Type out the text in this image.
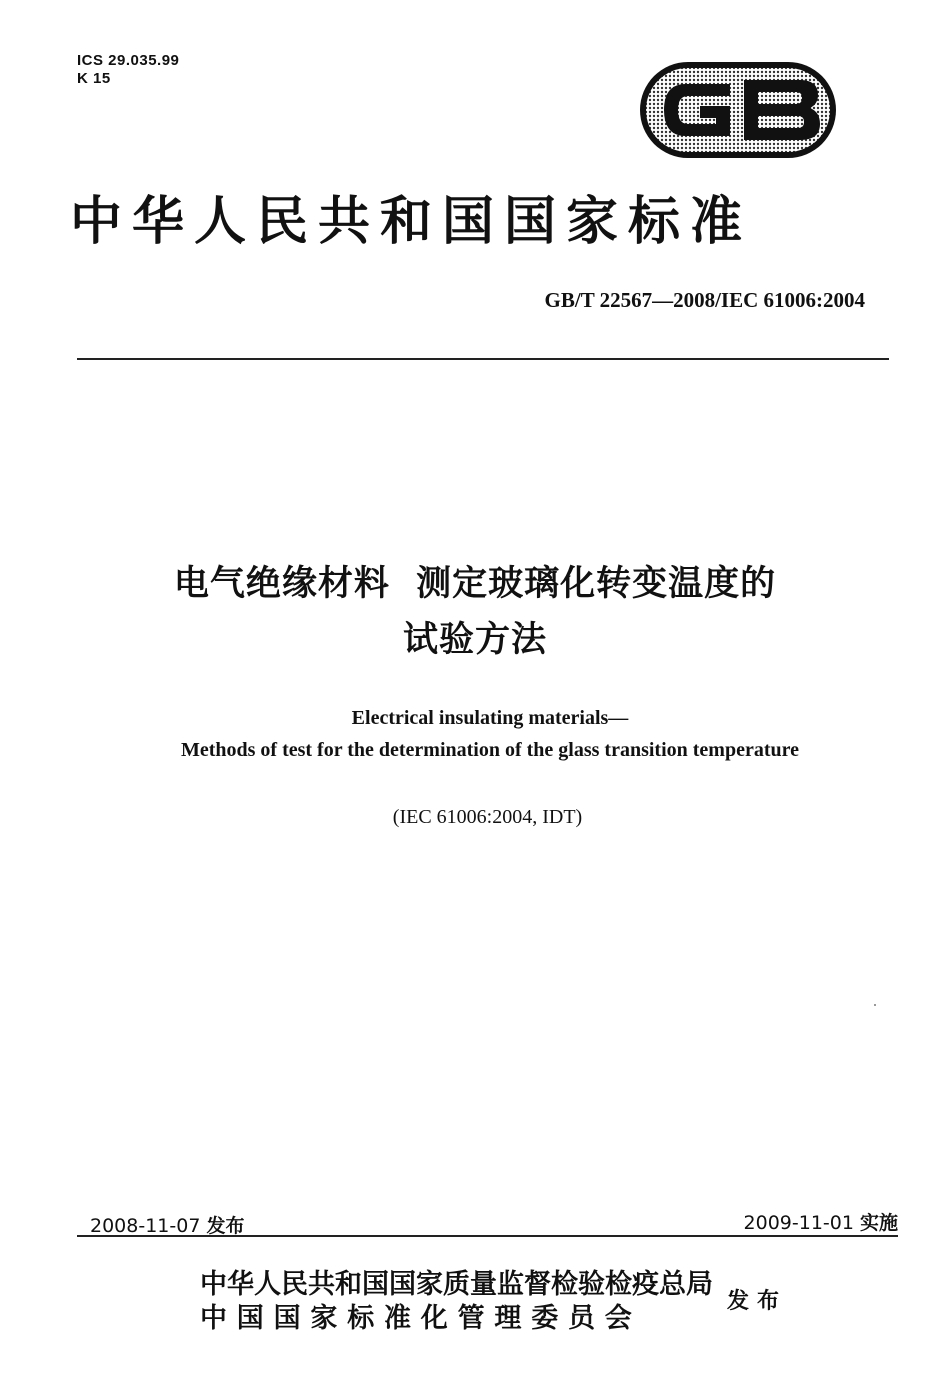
ICS 29.035.99
K 15
中华人民共和国国家标准
GB/T 22567—2008/IEC 61006:2004
电气绝缘材料  测定玻璃化转变温度的
试验方法
Electrical insulating materials—
Methods of test for the determination of the glass transition temperature
(IEC 61006:2004, IDT)
2008-11-07 发布	2009-11-01 实施
中华人民共和国国家质量监督检验检疫总局
中国国家标准化管理委员会
发布
